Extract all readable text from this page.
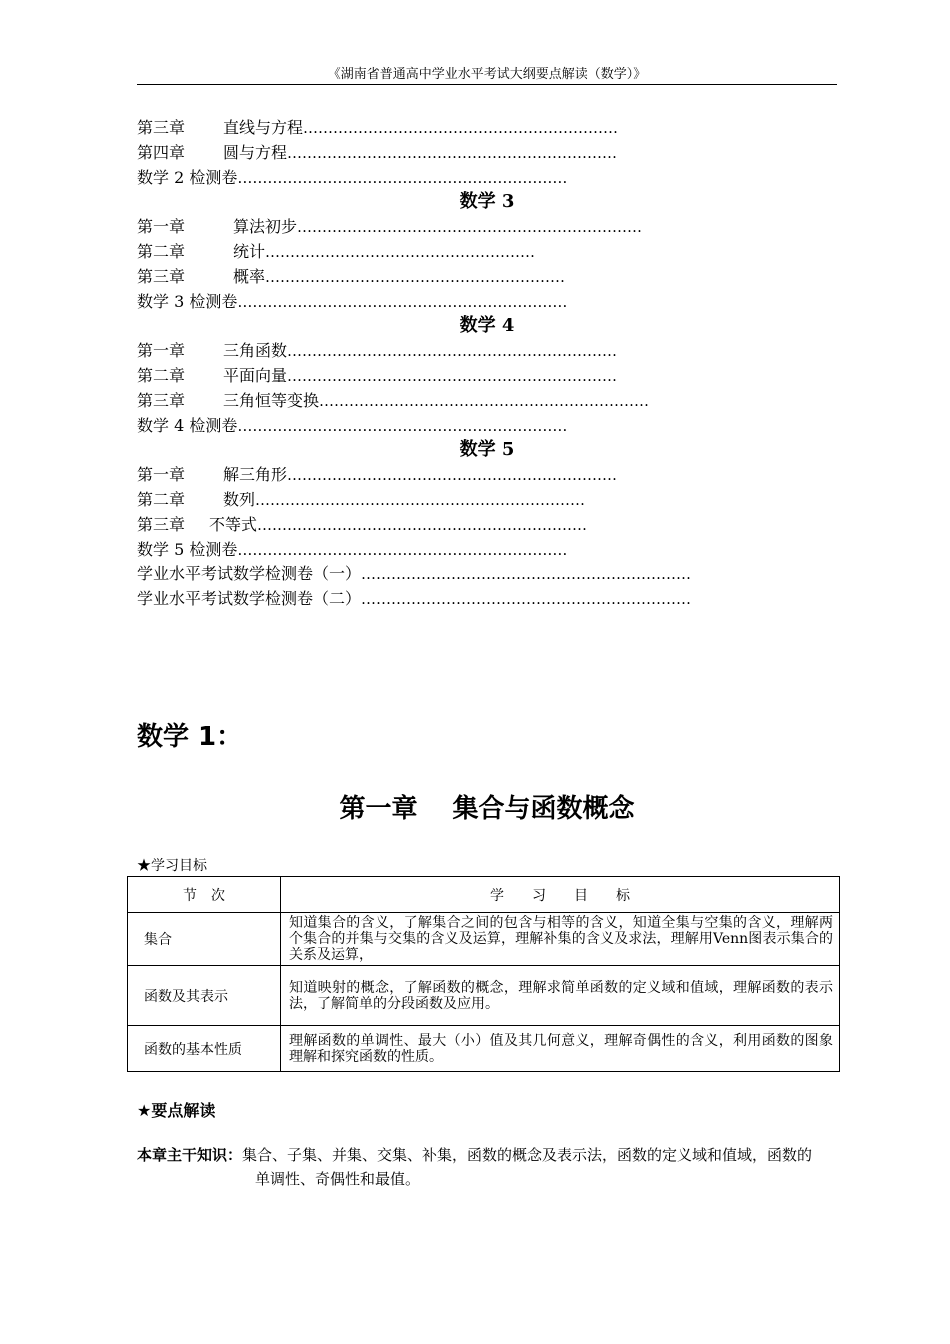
《湖南省普通高中学业水平考试大纲要点解读（数学）》
第三章	直线与方程 ………………………………………………………
第四章	圆与方程 …………………………………………………………
数学 2 检测卷 …………………………………………………………
数学 3
第一章	算法初步 ……………………………………………………………
第二章	统计 ………………………………………………
第三章	概率 ……………………………………………………
数学 3 检测卷 …………………………………………………………
数学 4
第一章	三角函数 …………………………………………………………
第二章	平面向量 …………………………………………………………
第三章	三角恒等变换 …………………………………………………………
数学 4 检测卷 …………………………………………………………
数学 5
第一章	解三角形 …………………………………………………………
第二章	数列 …………………………………………………………
第三章	不等式 …………………………………………………………
数学 5 检测卷 …………………………………………………………
学业水平考试数学检测卷（一） …………………………………………………………
学业水平考试数学检测卷（二） …………………………………………………………
数学 1：
第一章　 集合与函数概念
★学习目标
节　次	学　　习　　目　　标
集合	知道集合的含义，了解集合之间的包含与相等的含义，知道全集与空集的含义，理解两个集合的并集与交集的含义及运算，理解补集的含义及求法，理解用Venn图表示集合的关系及运算，
函数及其表示	知道映射的概念，了解函数的概念，理解求简单函数的定义域和值域，理解函数的表示法，了解简单的分段函数及应用。
函数的基本性质	理解函数的单调性、最大（小）值及其几何意义，理解奇偶性的含义，利用函数的图象理解和探究函数的性质。
★要点解读
本章主干知识：集合、子集、并集、交集、补集，函数的概念及表示法，函数的定义域和值域，函数的
单调性、奇偶性和最值。
